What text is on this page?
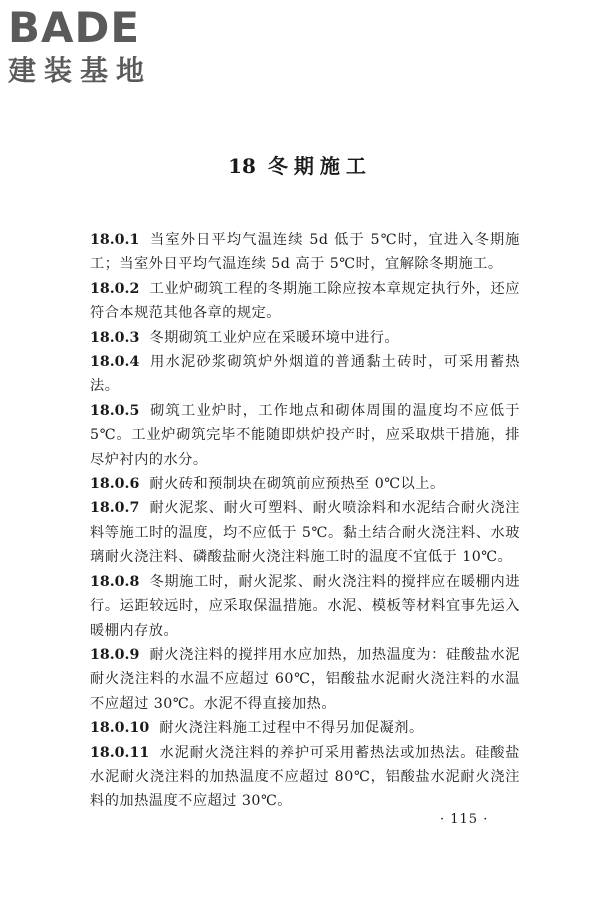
BADE
建装基地
18 冬期施工

18.0.1 当室外日平均气温连续 5d 低于 5℃时，宜进入冬期施工；当室外日平均气温连续 5d 高于 5℃时，宜解除冬期施工。

18.0.2 工业炉砌筑工程的冬期施工除应按本章规定执行外，还应符合本规范其他各章的规定。

18.0.3 冬期砌筑工业炉应在采暖环境中进行。

18.0.4 用水泥砂浆砌筑炉外烟道的普通黏土砖时，可采用蓄热法。

18.0.5 砌筑工业炉时，工作地点和砌体周围的温度均不应低于 5℃。工业炉砌筑完毕不能随即烘炉投产时，应采取烘干措施，排尽炉衬内的水分。

18.0.6 耐火砖和预制块在砌筑前应预热至 0℃以上。

18.0.7 耐火泥浆、耐火可塑料、耐火喷涂料和水泥结合耐火浇注料等施工时的温度，均不应低于 5℃。黏土结合耐火浇注料、水玻璃耐火浇注料、磷酸盐耐火浇注料施工时的温度不宜低于 10℃。

18.0.8 冬期施工时，耐火泥浆、耐火浇注料的搅拌应在暖棚内进行。运距较远时，应采取保温措施。水泥、模板等材料宜事先运入暖棚内存放。

18.0.9 耐火浇注料的搅拌用水应加热，加热温度为：硅酸盐水泥耐火浇注料的水温不应超过 60℃，铝酸盐水泥耐火浇注料的水温不应超过 30℃。水泥不得直接加热。

18.0.10 耐火浇注料施工过程中不得另加促凝剂。

18.0.11 水泥耐火浇注料的养护可采用蓄热法或加热法。硅酸盐水泥耐火浇注料的加热温度不应超过 80℃，铝酸盐水泥耐火浇注料的加热温度不应超过 30℃。

· 115 ·
